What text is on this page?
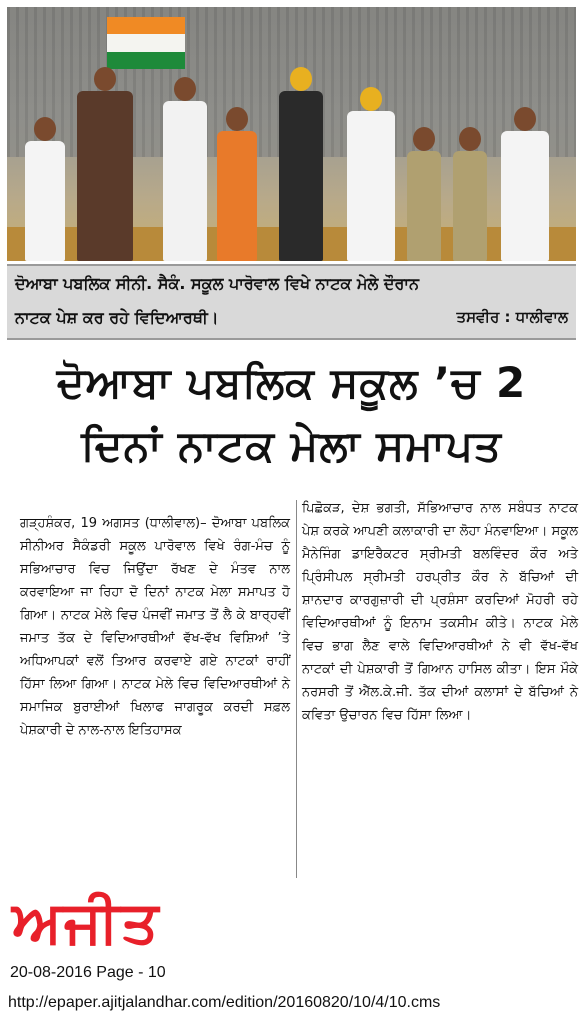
ਦੋਆਬਾ ਪਬਲਿਕ ਸੀਨੀ. ਸੈਕੰ. ਸਕੂਲ ਪਾਰੋਵਾਲ ਵਿਖੇ ਨਾਟਕ ਮੇਲੇ ਦੌਰਾਨ
ਨਾਟਕ ਪੇਸ਼ ਕਰ ਰਹੇ ਵਿਦਿਆਰਥੀ।	ਤਸਵੀਰ : ਧਾਲੀਵਾਲ
ਦੋਆਬਾ ਪਬਲਿਕ ਸਕੂਲ ’ਚ 2
ਦਿਨਾਂ ਨਾਟਕ ਮੇਲਾ ਸਮਾਪਤ
ਗੜ੍ਹਸ਼ੰਕਰ, 19 ਅਗਸਤ (ਧਾਲੀਵਾਲ)– ਦੋਆਬਾ ਪਬਲਿਕ ਸੀਨੀਅਰ ਸੈਕੰਡਰੀ ਸਕੂਲ ਪਾਰੋਵਾਲ ਵਿਖੇ ਰੰਗ-ਮੰਚ ਨੂੰ ਸਭਿਆਚਾਰ ਵਿਚ ਜਿਉਂਦਾ ਰੱਖਣ ਦੇ ਮੰਤਵ ਨਾਲ ਕਰਵਾਇਆ ਜਾ ਰਿਹਾ ਦੋ ਦਿਨਾਂ ਨਾਟਕ ਮੇਲਾ ਸਮਾਪਤ ਹੋ ਗਿਆ। ਨਾਟਕ ਮੇਲੇ ਵਿਚ ਪੰਜਵੀਂ ਜਮਾਤ ਤੋਂ ਲੈ ਕੇ ਬਾਰ੍ਹਵੀਂ ਜਮਾਤ ਤੱਕ ਦੇ ਵਿਦਿਆਰਥੀਆਂ ਵੱਖ-ਵੱਖ ਵਿਸ਼ਿਆਂ ’ਤੇ ਅਧਿਆਪਕਾਂ ਵਲੋਂ ਤਿਆਰ ਕਰਵਾਏ ਗਏ ਨਾਟਕਾਂ ਰਾਹੀਂ ਹਿੱਸਾ ਲਿਆ ਗਿਆ। ਨਾਟਕ ਮੇਲੇ ਵਿਚ ਵਿਦਿਆਰਥੀਆਂ ਨੇ ਸਮਾਜਿਕ ਬੁਰਾਈਆਂ ਖਿਲਾਫ ਜਾਗਰੂਕ ਕਰਦੀ ਸਫ਼ਲ ਪੇਸ਼ਕਾਰੀ ਦੇ ਨਾਲ-ਨਾਲ ਇਤਿਹਾਸਕ
ਪਿਛੋਕੜ, ਦੇਸ਼ ਭਗਤੀ, ਸੱਭਿਆਚਾਰ ਨਾਲ ਸਬੰਧਤ ਨਾਟਕ ਪੇਸ਼ ਕਰਕੇ ਆਪਣੀ ਕਲਾਕਾਰੀ ਦਾ ਲੋਹਾ ਮੰਨਵਾਇਆ। ਸਕੂਲ ਮੈਨੇਜਿੰਗ ਡਾਇਰੈਕਟਰ ਸ੍ਰੀਮਤੀ ਬਲਵਿੰਦਰ ਕੌਰ ਅਤੇ ਪ੍ਰਿੰਸੀਪਲ ਸ੍ਰੀਮਤੀ ਹਰਪ੍ਰੀਤ ਕੌਰ ਨੇ ਬੱਚਿਆਂ ਦੀ ਸ਼ਾਨਦਾਰ ਕਾਰਗੁਜ਼ਾਰੀ ਦੀ ਪ੍ਰਸ਼ੰਸਾ ਕਰਦਿਆਂ ਮੋਹਰੀ ਰਹੇ ਵਿਦਿਆਰਥੀਆਂ ਨੂੰ ਇਨਾਮ ਤਕਸੀਮ ਕੀਤੇ। ਨਾਟਕ ਮੇਲੇ ਵਿਚ ਭਾਗ ਲੈਣ ਵਾਲੇ ਵਿਦਿਆਰਥੀਆਂ ਨੇ ਵੀ ਵੱਖ-ਵੱਖ ਨਾਟਕਾਂ ਦੀ ਪੇਸ਼ਕਾਰੀ ਤੋਂ ਗਿਆਨ ਹਾਸਿਲ ਕੀਤਾ। ਇਸ ਮੌਕੇ ਨਰਸਰੀ ਤੋਂ ਐੱਲ.ਕੇ.ਜੀ. ਤੱਕ ਦੀਆਂ ਕਲਾਸਾਂ ਦੇ ਬੱਚਿਆਂ ਨੇ ਕਵਿਤਾ ਉਚਾਰਨ ਵਿਚ ਹਿੱਸਾ ਲਿਆ।
ਅਜੀਤ
20-08-2016 Page - 10
http://epaper.ajitjalandhar.com/edition/20160820/10/4/10.cms
